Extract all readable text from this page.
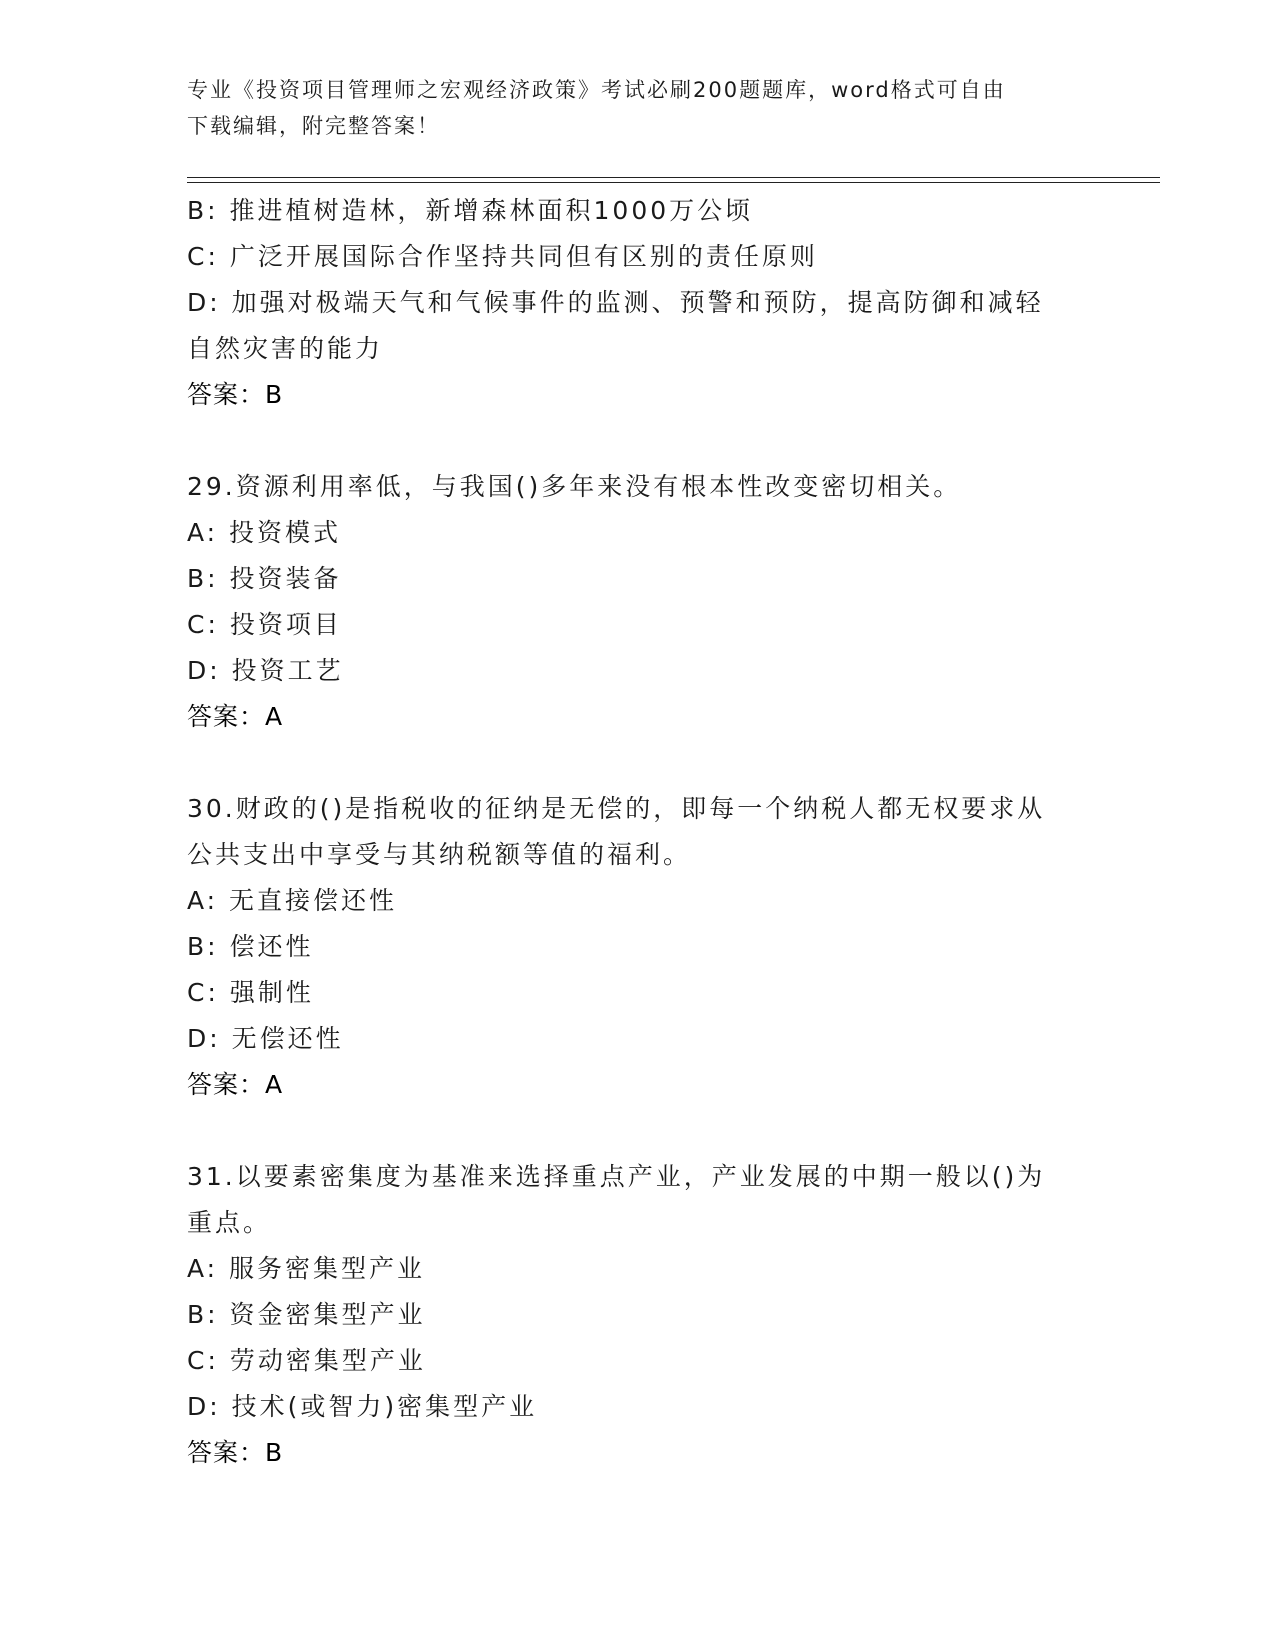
专业《投资项目管理师之宏观经济政策》考试必刷200题题库，word格式可自由
下载编辑，附完整答案！
B: 推进植树造林，新增森林面积1000万公顷
C: 广泛开展国际合作坚持共同但有区别的责任原则
D: 加强对极端天气和气候事件的监测、预警和预防，提高防御和减轻
自然灾害的能力
答案：B
29.资源利用率低，与我国()多年来没有根本性改变密切相关。
A: 投资模式
B: 投资装备
C: 投资项目
D: 投资工艺
答案：A
30.财政的()是指税收的征纳是无偿的，即每一个纳税人都无权要求从
公共支出中享受与其纳税额等值的福利。
A: 无直接偿还性
B: 偿还性
C: 强制性
D: 无偿还性
答案：A
31.以要素密集度为基准来选择重点产业，产业发展的中期一般以()为
重点。
A: 服务密集型产业
B: 资金密集型产业
C: 劳动密集型产业
D: 技术(或智力)密集型产业
答案：B
